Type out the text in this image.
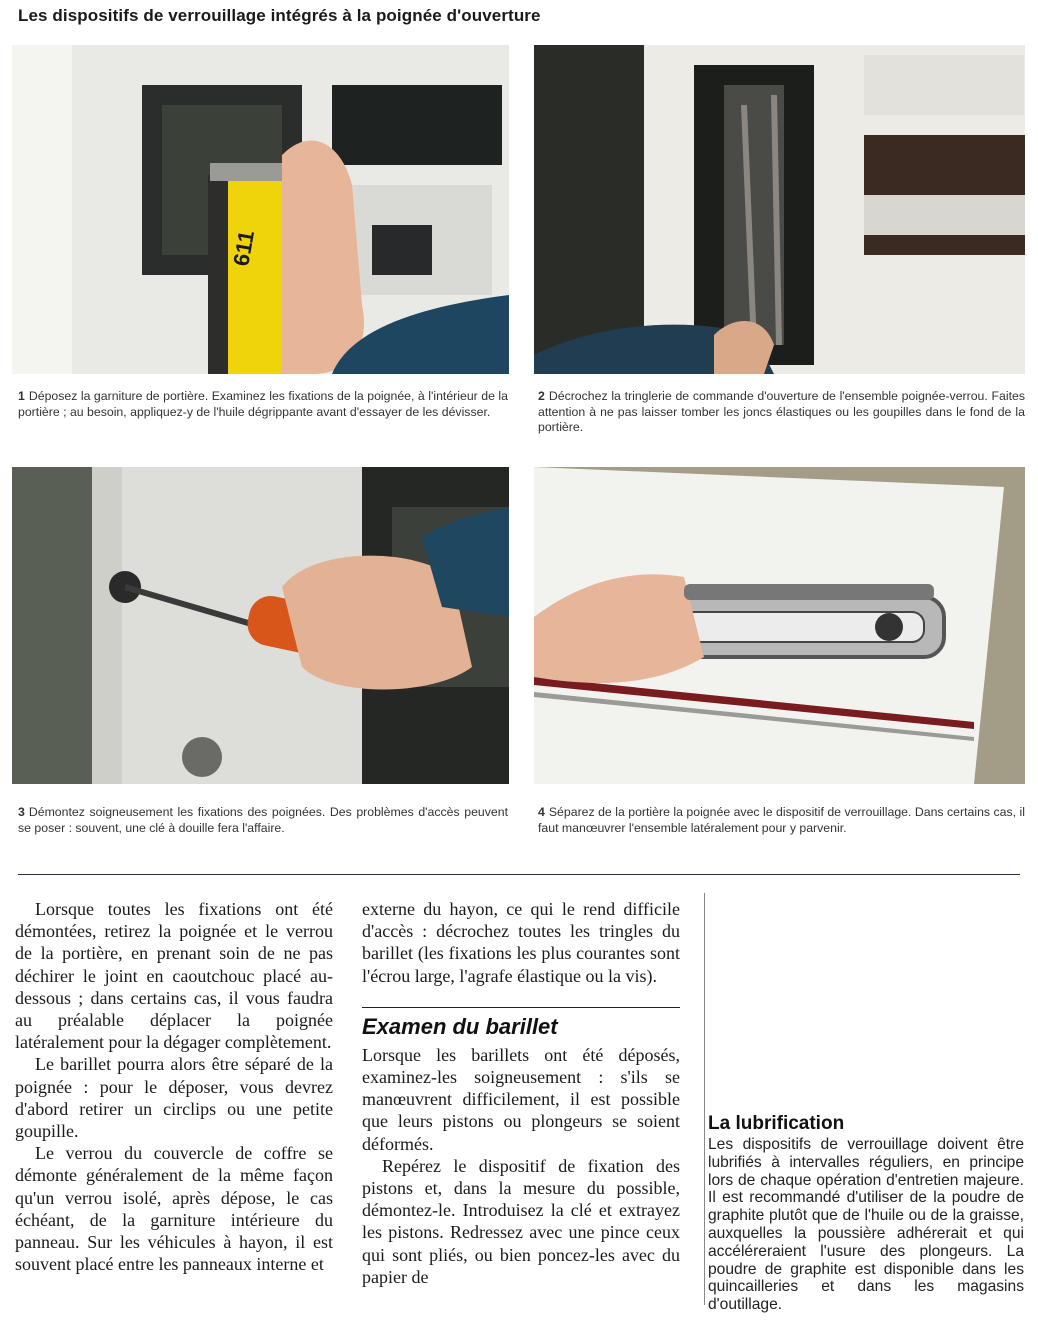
Les dispositifs de verrouillage intégrés à la poignée d'ouverture
611
1 Déposez la garniture de portière. Examinez les fixations de la poignée, à l'intérieur de la portière ; au besoin, appliquez-y de l'huile dégrippante avant d'essayer de les dévisser.
2 Décrochez la tringlerie de commande d'ouverture de l'ensemble poignée-verrou. Faites attention à ne pas laisser tomber les joncs élastiques ou les goupilles dans le fond de la portière.
3 Démontez soigneusement les fixations des poignées. Des problèmes d'accès peuvent se poser : souvent, une clé à douille fera l'affaire.
4 Séparez de la portière la poignée avec le dispositif de verrouillage. Dans certains cas, il faut manœuvrer l'ensemble latéralement pour y parvenir.

Lorsque toutes les fixations ont été démontées, retirez la poignée et le verrou de la portière, en prenant soin de ne pas déchirer le joint en caoutchouc placé au-dessous ; dans certains cas, il vous faudra au préalable déplacer la poignée latéralement pour la dégager complètement.

Le barillet pourra alors être séparé de la poignée : pour le déposer, vous devrez d'abord retirer un circlips ou une petite goupille.

Le verrou du couvercle de coffre se démonte généralement de la même façon qu'un verrou isolé, après dépose, le cas échéant, de la garniture intérieure du panneau. Sur les véhicules à hayon, il est souvent placé entre les panneaux interne et

externe du hayon, ce qui le rend difficile d'accès : décrochez toutes les tringles du barillet (les fixations les plus courantes sont l'écrou large, l'agrafe élastique ou la vis).

Examen du barillet

Lorsque les barillets ont été déposés, examinez-les soigneusement : s'ils se manœuvrent difficilement, il est possible que leurs pistons ou plongeurs se soient déformés.

Repérez le dispositif de fixation des pistons et, dans la mesure du possible, démontez-le. Introduisez la clé et extrayez les pistons. Redressez avec une pince ceux qui sont pliés, ou bien poncez-les avec du papier de

La lubrification

Les dispositifs de verrouillage doivent être lubrifiés à intervalles réguliers, en principe lors de chaque opération d'entretien majeure. Il est recommandé d'utiliser de la poudre de graphite plutôt que de l'huile ou de la graisse, auxquelles la poussière adhérerait et qui accéléreraient l'usure des plongeurs. La poudre de graphite est disponible dans les quincailleries et dans les magasins d'outillage.
